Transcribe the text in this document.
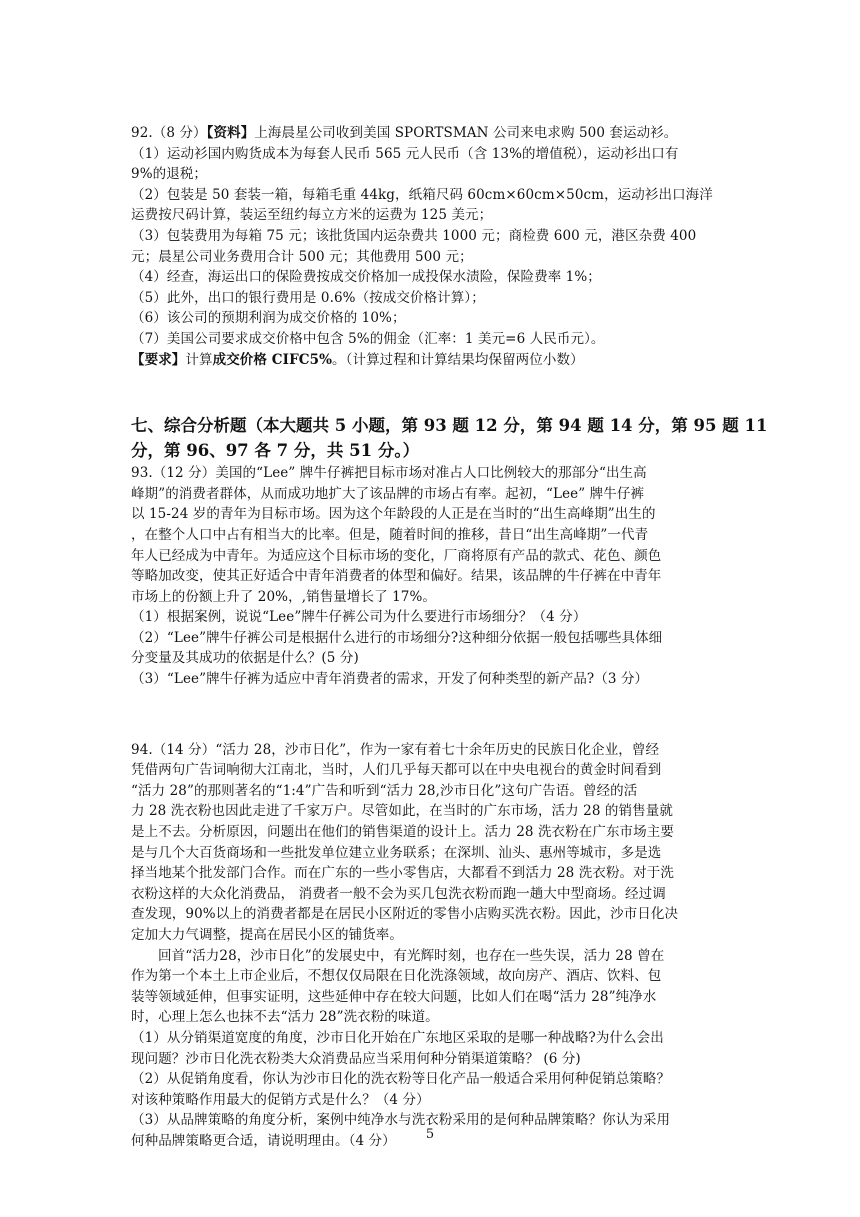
92.（8 分）【资料】上海晨星公司收到美国 SPORTSMAN 公司来电求购 500 套运动衫。
（1）运动衫国内购货成本为每套人民币 565 元人民币（含 13%的增值税），运动衫出口有
9%的退税；
（2）包装是 50 套装一箱，每箱毛重 44kg，纸箱尺码 60cm×60cm×50cm，运动衫出口海洋
运费按尺码计算，装运至纽约每立方米的运费为 125 美元；
（3）包装费用为每箱 75 元；该批货国内运杂费共 1000 元；商检费 600 元，港区杂费 400
元；晨星公司业务费用合计 500 元；其他费用 500 元；
（4）经查，海运出口的保险费按成交价格加一成投保水渍险，保险费率 1%；
（5）此外，出口的银行费用是 0.6%（按成交价格计算）；
（6）该公司的预期利润为成交价格的 10%；
（7）美国公司要求成交价格中包含 5%的佣金（汇率：1 美元=6 人民币元）。
【要求】计算成交价格 CIFC5%。（计算过程和计算结果均保留两位小数）
七、综合分析题（本大题共 5 小题，第 93 题 12 分，第 94 题 14 分，第 95 题 11
分，第 96、97 各 7 分，共 51 分。）
93.（12 分）美国的“Lee” 牌牛仔裤把目标市场对准占人口比例较大的那部分“出生高
峰期”的消费者群体，从而成功地扩大了该品牌的市场占有率。起初，“Lee” 牌牛仔裤
以 15-24 岁的青年为目标市场。因为这个年龄段的人正是在当时的“出生高峰期”出生的
，在整个人口中占有相当大的比率。但是，随着时间的推移，昔日“出生高峰期”一代青
年人已经成为中青年。为适应这个目标市场的变化，厂商将原有产品的款式、花色、颜色
等略加改变，使其正好适合中青年消费者的体型和偏好。结果，该品牌的牛仔裤在中青年
市场上的份额上升了 20%，,销售量增长了 17%。
（1）根据案例，说说“Lee”牌牛仔裤公司为什么要进行市场细分？（4 分）
（2）“Lee”牌牛仔裤公司是根据什么进行的市场细分?这种细分依据一般包括哪些具体细
分变量及其成功的依据是什么？(5 分)
（3）“Lee”牌牛仔裤为适应中青年消费者的需求，开发了何种类型的新产品?（3 分）
94.（14 分）“活力 28，沙市日化”，作为一家有着七十余年历史的民族日化企业，曾经
凭借两句广告词响彻大江南北，当时，人们几乎每天都可以在中央电视台的黄金时间看到
“活力 28”的那则著名的“1:4”广告和听到“活力 28,沙市日化”这句广告语。曾经的活
力 28 洗衣粉也因此走进了千家万户。尽管如此，在当时的广东市场，活力 28 的销售量就
是上不去。分析原因，问题出在他们的销售渠道的设计上。活力 28 洗衣粉在广东市场主要
是与几个大百货商场和一些批发单位建立业务联系；在深圳、汕头、惠州等城市，多是选
择当地某个批发部门合作。而在广东的一些小零售店，大都看不到活力 28 洗衣粉。对于洗
衣粉这样的大众化消费品， 消费者一般不会为买几包洗衣粉而跑一趟大中型商场。经过调
查发现，90%以上的消费者都是在居民小区附近的零售小店购买洗衣粉。因此，沙市日化决
定加大力气调整，提高在居民小区的铺货率。
回首“活力28，沙市日化”的发展史中，有光辉时刻，也存在一些失误，活力 28 曾在
作为第一个本土上市企业后，不想仅仅局限在日化洗涤领域，故向房产、酒店、饮料、包
装等领域延伸，但事实证明，这些延伸中存在较大问题，比如人们在喝“活力 28”纯净水
时，心理上怎么也抹不去“活力 28”洗衣粉的味道。
（1）从分销渠道宽度的角度，沙市日化开始在广东地区采取的是哪一种战略?为什么会出
现问题？沙市日化洗衣粉类大众消费品应当采用何种分销渠道策略？ (6 分)
（2）从促销角度看，你认为沙市日化的洗衣粉等日化产品一般适合采用何种促销总策略？
对该种策略作用最大的促销方式是什么？（4 分）
（3）从品牌策略的角度分析，案例中纯净水与洗衣粉采用的是何种品牌策略？你认为采用
何种品牌策略更合适，请说明理由。（4 分）	5
